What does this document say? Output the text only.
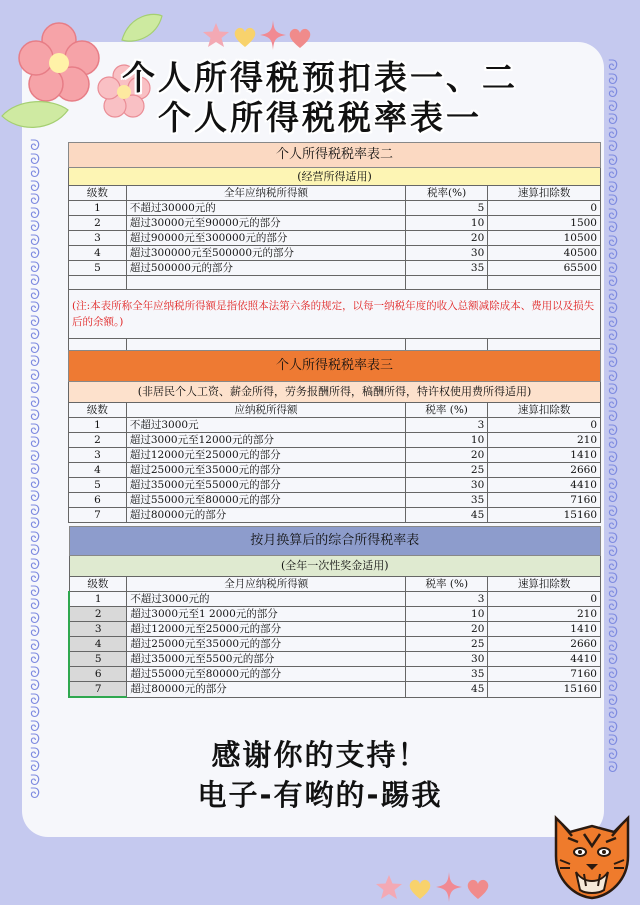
ᘐ
ᘐ
ᘐ
ᘐ
ᘐ
ᘐ
ᘐ
ᘐ
ᘐ
ᘐ
ᘐ
ᘐ
ᘐ
ᘐ
ᘐ
ᘐ
ᘐ
ᘐ
ᘐ
ᘐ
ᘐ
ᘐ
ᘐ
ᘐ
ᘐ
ᘐ
ᘐ
ᘐ
ᘐ
ᘐ
ᘐ
ᘐ
ᘐ
ᘐ
ᘐ
ᘐ
ᘐ
ᘐ
ᘐ
ᘐ
ᘐ
ᘐ
ᘐ
ᘐ
ᘐ
ᘐ
ᘐ
ᘐ
ᘐ
ᘐ
ᘐ
ᘐ
ᘐ
ᘐ
ᘐ
ᘐ
ᘐ
ᘐ
ᘐ
ᘐ
ᘐ
ᘐ
ᘐ
ᘐ
ᘐ
ᘐ
ᘐ
ᘐ
ᘐ
ᘐ
ᘐ
ᘐ
ᘐ
ᘐ
ᘐ
ᘐ
ᘐ
ᘐ
ᘐ
ᘐ
ᘐ
ᘐ
ᘐ
ᘐ
ᘐ
ᘐ
ᘐ
ᘐ
ᘐ
ᘐ
ᘐ
ᘐ
ᘐ
ᘐ
ᘐ
ᘐ
ᘐ
ᘐ
ᘐ
ᘐ
ᘐ
ᘐ
个人所得税预扣表一、二
个人所得税税率表一
个人所得税税率表二			
(经营所得适用)			
级数	全年应纳税所得额	税率(%)	速算扣除数
1	不超过30000元的	5	0
2	超过30000元至90000元的部分	10	1500
3	超过90000元至300000元的部分	20	10500
4	超过300000元至500000元的部分	30	40500
5	超过500000元的部分	35	65500

(注:本表所称全年应纳税所得额是指依照本法第六条的规定，以每一纳税年度的收入总额减除成本、费用以及损失后的余额。)			

个人所得税税率表三			
(非居民个人工资、薪金所得，劳务报酬所得，稿酬所得，特许权使用费所得适用)			
级数	应纳税所得额	税率 (%)	速算扣除数
1	不超过3000元	3	0
2	超过3000元至12000元的部分	10	210
3	超过12000元至25000元的部分	20	1410
4	超过25000元至35000元的部分	25	2660
5	超过35000元至55000元的部分	30	4410
6	超过55000元至80000元的部分	35	7160
7	超过80000元的部分	45	15160
按月换算后的综合所得税率表			
(全年一次性奖金适用)			
级数	全月应纳税所得额	税率 (%)	速算扣除数
1	不超过3000元的	3	0
2	超过3000元至1 2000元的部分	10	210
3	超过12000元至25000元的部分	20	1410
4	超过25000元至35000元的部分	25	2660
5	超过35000元至5500元的部分	30	4410
6	超过55000元至80000元的部分	35	7160
7	超过80000元的部分	45	15160
感谢你的支持！
电子-有哟的-踢我
